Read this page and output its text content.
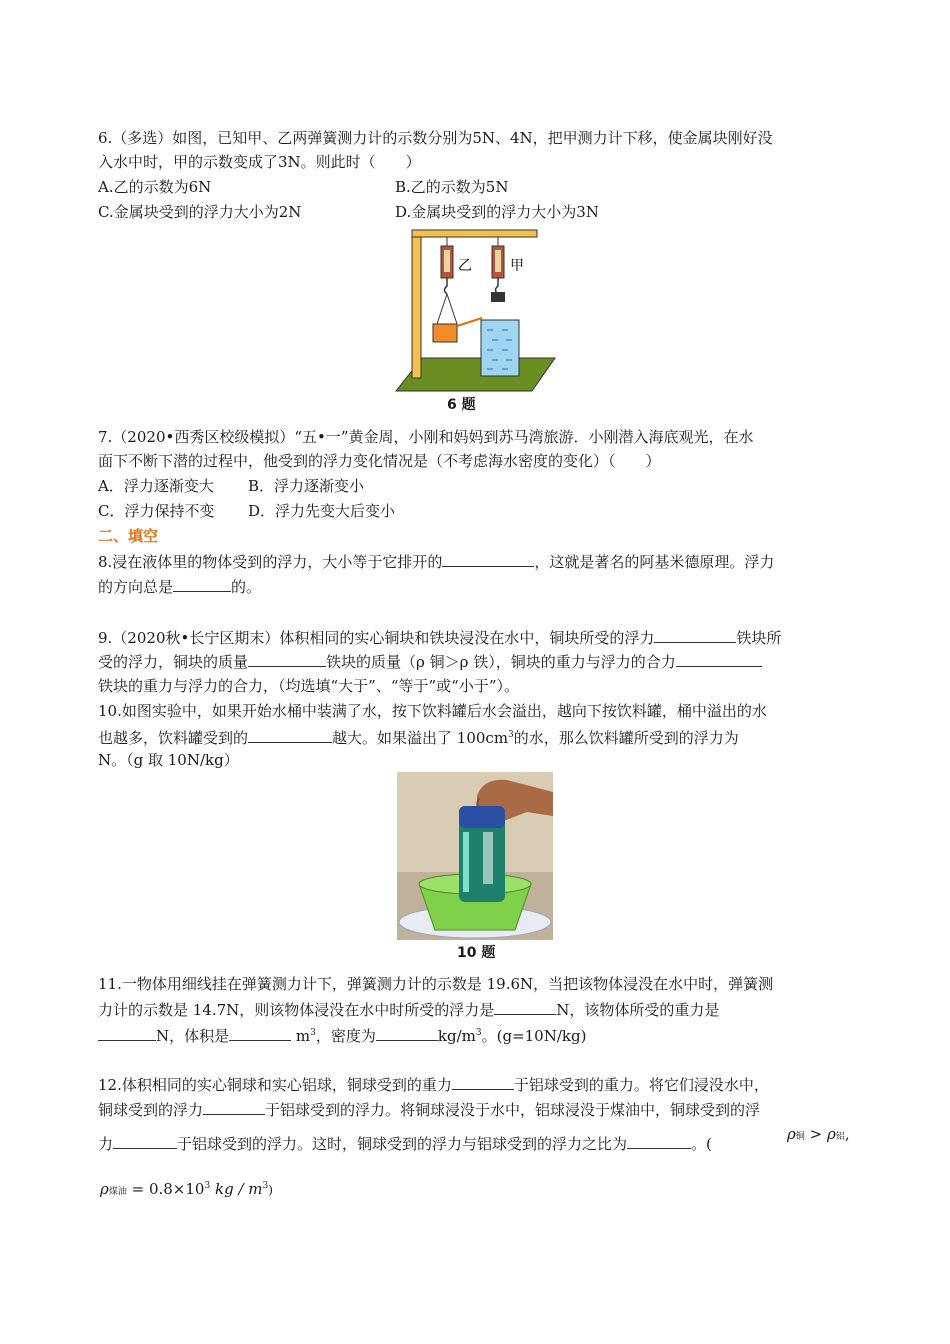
6.（多选）如图，已知甲、乙两弹簧测力计的示数分别为5N、4N，把甲测力计下移，使金属块刚好没
入水中时，甲的示数变成了3N。则此时（　　）
A.乙的示数为6N	B.乙的示数为5N
C.金属块受到的浮力大小为2N	D.金属块受到的浮力大小为3N
乙	甲
6 题
7.（2020•西秀区校级模拟）“五•一”黄金周，小刚和妈妈到苏马湾旅游．小刚潜入海底观光，在水
面下不断下潜的过程中，他受到的浮力变化情况是（不考虑海水密度的变化）（　　）
A．浮力逐渐变大 B．浮力逐渐变小
C．浮力保持不变 D．浮力先变大后变小
二、填空
8.浸在液体里的物体受到的浮力，大小等于它排开的	，这就是著名的阿基米德原理。浮力
的方向总是	的。
9.（2020秋•长宁区期末）体积相同的实心铜块和铁块浸没在水中，铜块所受的浮力	铁块所
受的浮力，铜块的质量	铁块的质量（ρ 铜＞ρ 铁），铜块的重力与浮力的合力
铁块的重力与浮力的合力，（均选填“大于”、“等于”或“小于”）。
10.如图实验中，如果开始水桶中装满了水，按下饮料罐后水会溢出，越向下按饮料罐，桶中溢出的水
也越多，饮料罐受到的	越大。如果溢出了 $100cm^3$的水，那么饮料罐所受到的浮力为
N。（g 取 10N/kg）
10 题
11.一物体用细线挂在弹簧测力计下，弹簧测力计的示数是 19.6N，当把该物体浸没在水中时，弹簧测
力计的示数是 14.7N，则该物体浸没在水中时所受的浮力是	N，该物体所受的重力是
N，体积是	$m^3$，密度为	$kg/m^3$。(g=10N/kg)
12.体积相同的实心铜球和实心铝球，铜球受到的重力	于铝球受到的重力。将它们浸没水中，
铜球受到的浮力	于铝球受到的浮力。将铜球浸没于水中，铝球浸没于煤油中，铜球受到的浮
力	于铝球受到的浮力。这时，铜球受到的浮力与铝球受到的浮力之比为	。(
ρ铜 > ρ铝,
ρ煤油 = $0.8\times 10^3$ kg / $m^3$)
